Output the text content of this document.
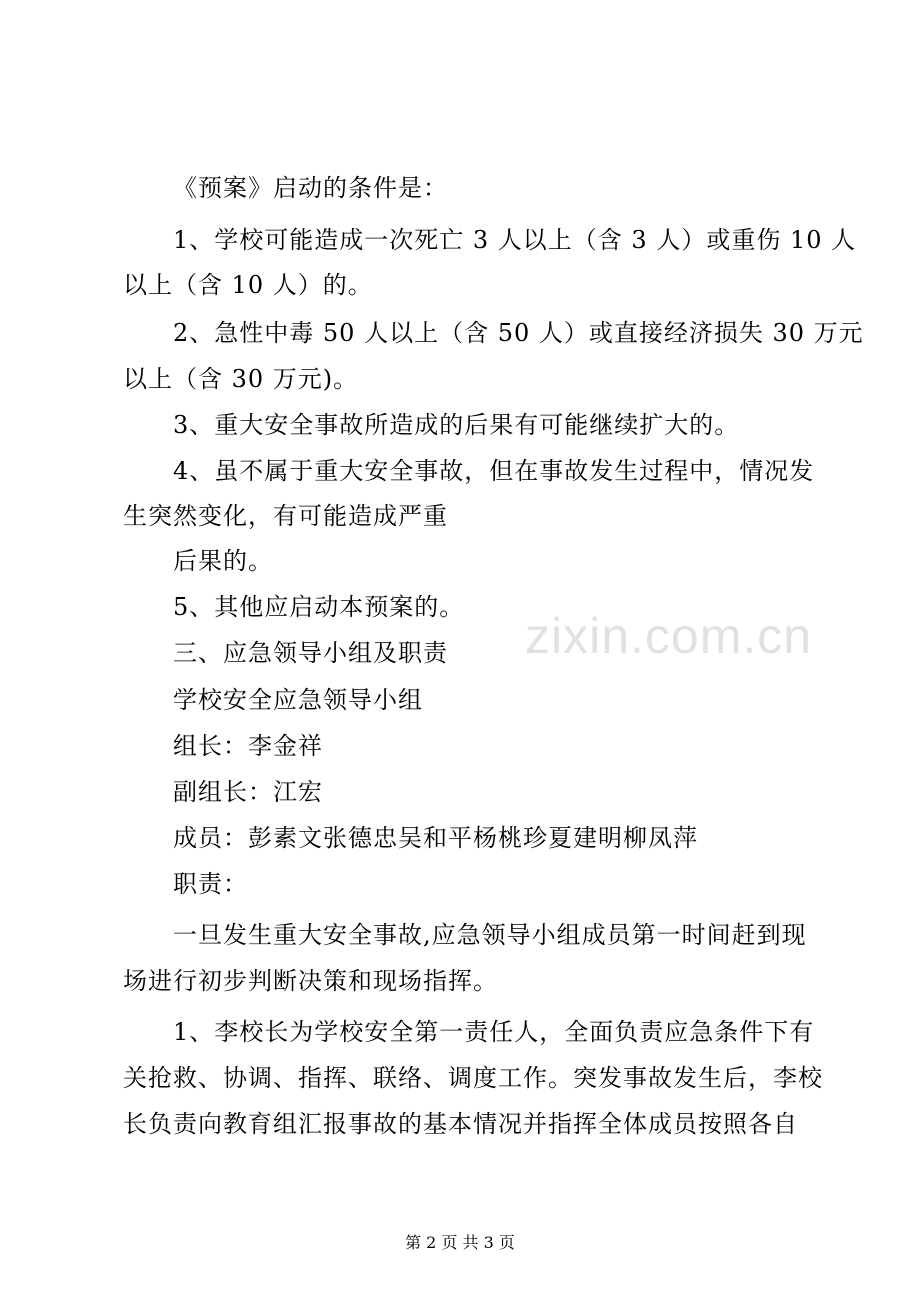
《预案》启动的条件是：
1、学校可能造成一次死亡 3 人以上（含 3 人）或重伤 10 人
以上（含 10 人）的。
2、急性中毒 50 人以上（含 50 人）或直接经济损失 30 万元
以上（含 30 万元)。
3、重大安全事故所造成的后果有可能继续扩大的。
4、虽不属于重大安全事故，但在事故发生过程中，情况发
生突然变化，有可能造成严重
后果的。
5、其他应启动本预案的。
三、应急领导小组及职责
学校安全应急领导小组
组长：李金祥
副组长：江宏
成员：彭素文张德忠吴和平杨桃珍夏建明柳凤萍
职责：
一旦发生重大安全事故,应急领导小组成员第一时间赶到现
场进行初步判断决策和现场指挥。
1、李校长为学校安全第一责任人，全面负责应急条件下有
关抢救、协调、指挥、联络、调度工作。突发事故发生后，李校
长负责向教育组汇报事故的基本情况并指挥全体成员按照各自
zixin.com.cn
第 2 页 共 3 页
